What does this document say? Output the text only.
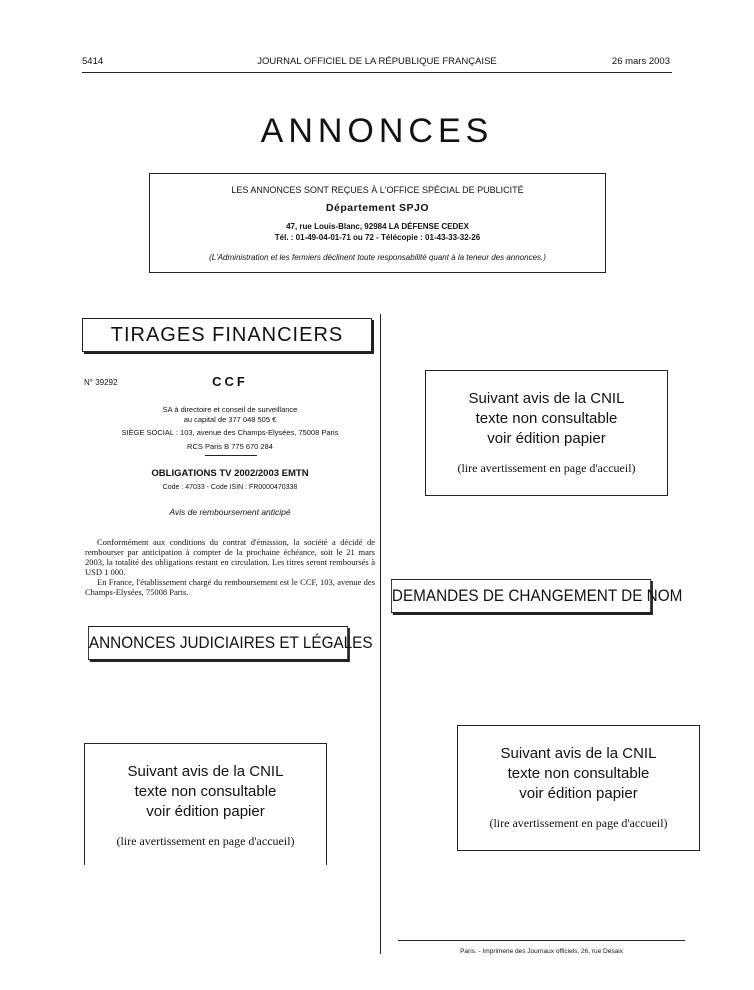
5414	JOURNAL OFFICIEL DE LA RÉPUBLIQUE FRANÇAISE	26 mars 2003
ANNONCES
LES ANNONCES SONT REÇUES À L'OFFICE SPÉCIAL DE PUBLICITÉ
Département SPJO
47, rue Louis-Blanc, 92984 LA DÉFENSE CEDEX
Tél. : 01-49-04-01-71 ou 72 - Télécopie : 01-43-33-32-26
(L'Administration et les fermiers déclinent toute responsabilité quant à la teneur des annonces.)
TIRAGES FINANCIERS
ANNONCES JUDICIAIRES ET LÉGALES
DEMANDES DE CHANGEMENT DE NOM
N° 39292	CCF
SA à directoire et conseil de surveillance
au capital de 377 048 505 €
SIÈGE SOCIAL : 103, avenue des Champs-Elysées, 75008 Paris
RCS Paris B 775 670 284
OBLIGATIONS TV 2002/2003 EMTN
Code : 47033 - Code ISIN : FR0000470338
Avis de remboursement anticipé

Conformément aux conditions du contrat d'émission, la société a décidé de rembourser par anticipation à compter de la prochaine échéance, soit le 21 mars 2003, la totalité des obligations restant en circulation. Les titres seront remboursés à USD 1 000.

En France, l'établissement chargé du remboursement est le CCF, 103, avenue des Champs-Elysées, 75008 Paris.

Suivant avis de la CNIL
texte non consultable
voir édition papier
(lire avertissement en page d'accueil)
Suivant avis de la CNIL
texte non consultable
voir édition papier
(lire avertissement en page d'accueil)
Suivant avis de la CNIL
texte non consultable
voir édition papier
(lire avertissement en page d'accueil)
Paris. - Imprimerie des Journaux officiels, 26, rue Desaix
